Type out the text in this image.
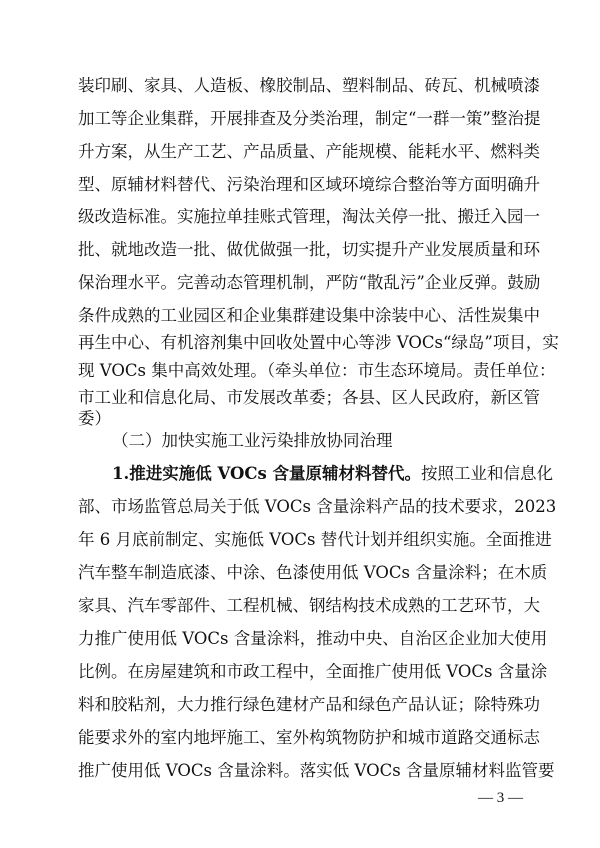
装印刷、家具、人造板、橡胶制品、塑料制品、砖瓦、机械喷漆
加工等企业集群，开展排查及分类治理，制定“一群一策”整治提
升方案，从生产工艺、产品质量、产能规模、能耗水平、燃料类
型、原辅材料替代、污染治理和区域环境综合整治等方面明确升
级改造标准。实施拉单挂账式管理，淘汰关停一批、搬迁入园一
批、就地改造一批、做优做强一批，切实提升产业发展质量和环
保治理水平。完善动态管理机制，严防“散乱污”企业反弹。鼓励
条件成熟的工业园区和企业集群建设集中涂装中心、活性炭集中
再生中心、有机溶剂集中回收处置中心等涉 VOCs“绿岛”项目，实
现 VOCs 集中高效处理。（牵头单位：市生态环境局。责任单位：
市工业和信息化局、市发展改革委；各县、区人民政府，新区管
委）
（二）加快实施工业污染排放协同治理
1.推进实施低 VOCs 含量原辅材料替代。按照工业和信息化
部、市场监管总局关于低 VOCs 含量涂料产品的技术要求，2023
年 6 月底前制定、实施低 VOCs 替代计划并组织实施。全面推进
汽车整车制造底漆、中涂、色漆使用低 VOCs 含量涂料；在木质
家具、汽车零部件、工程机械、钢结构技术成熟的工艺环节，大
力推广使用低 VOCs 含量涂料，推动中央、自治区企业加大使用
比例。在房屋建筑和市政工程中，全面推广使用低 VOCs 含量涂
料和胶粘剂，大力推行绿色建材产品和绿色产品认证；除特殊功
能要求外的室内地坪施工、室外构筑物防护和城市道路交通标志
推广使用低 VOCs 含量涂料。落实低 VOCs 含量原辅材料监管要
— 3 —
